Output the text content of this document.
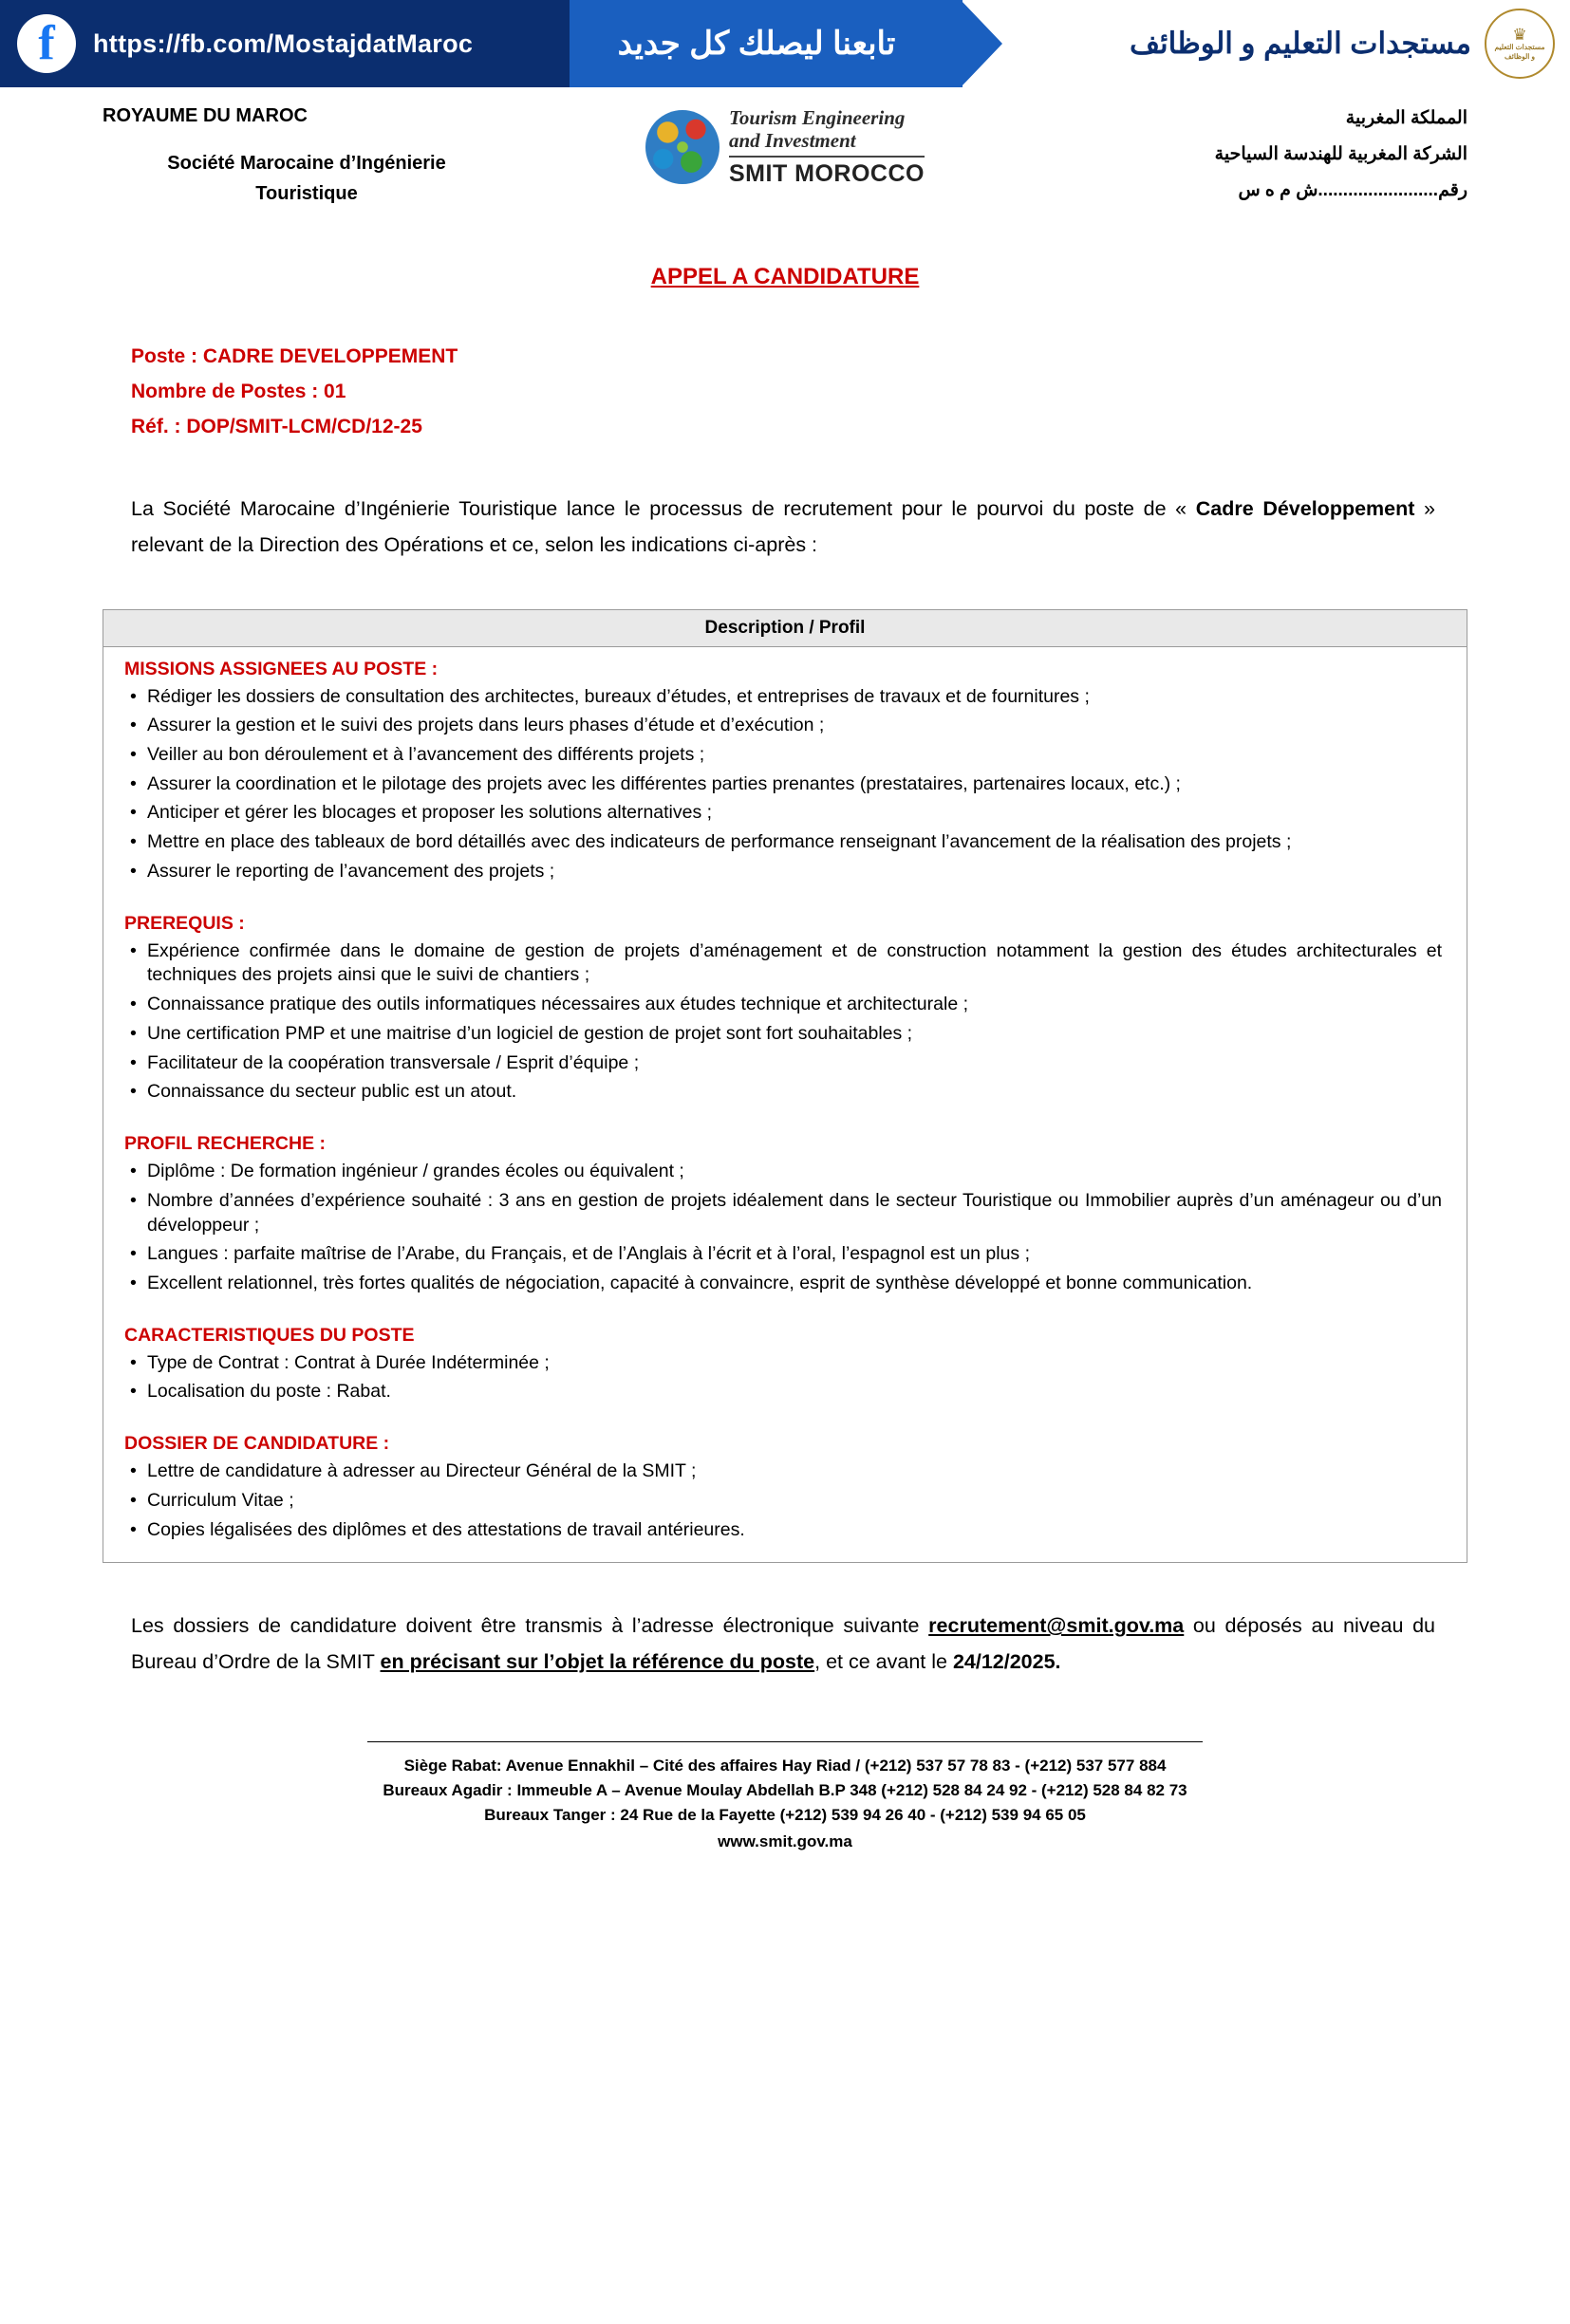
f	https://fb.com/MostajdatMaroc	تابعنا ليصلك كل جديد	مستجدات التعليم و الوظائف	♛
مستجدات التعليم
و الوظائف
ROYAUME DU MAROC
Société Marocaine d’Ingénierie
Touristique
Tourism Engineering
and Investment
SMIT MOROCCO
المملكة المغربية
الشركة المغربية للهندسة السياحية
رقم........................ش م ه س
APPEL A CANDIDATURE
Poste : CADRE DEVELOPPEMENT
Nombre de Postes : 01
Réf. : DOP/SMIT-LCM/CD/12-25
La Société Marocaine d’Ingénierie Touristique lance le processus de recrutement pour le pourvoi du poste de « Cadre Développement » relevant de la Direction des Opérations et ce, selon les indications ci-après :
Description / Profil
MISSIONS ASSIGNEES AU POSTE :
• Rédiger les dossiers de consultation des architectes, bureaux d’études, et entreprises de travaux et de fournitures ;
• Assurer la gestion et le suivi des projets dans leurs phases d’étude et d’exécution ;
• Veiller au bon déroulement et à l’avancement des différents projets ;
• Assurer la coordination et le pilotage des projets avec les différentes parties prenantes (prestataires, partenaires locaux, etc.) ;
• Anticiper et gérer les blocages et proposer les solutions alternatives ;
• Mettre en place des tableaux de bord détaillés avec des indicateurs de performance renseignant l’avancement de la réalisation des projets ;
• Assurer le reporting de l’avancement des projets ;
PREREQUIS :
• Expérience confirmée dans le domaine de gestion de projets d’aménagement et de construction notamment la gestion des études architecturales et techniques des projets ainsi que le suivi de chantiers ;
• Connaissance pratique des outils informatiques nécessaires aux études technique et architecturale ;
• Une certification PMP et une maitrise d’un logiciel de gestion de projet sont fort souhaitables ;
• Facilitateur de la coopération transversale / Esprit d’équipe ;
• Connaissance du secteur public est un atout.
PROFIL RECHERCHE :
• Diplôme : De formation ingénieur / grandes écoles ou équivalent ;
• Nombre d’années d’expérience souhaité : 3 ans en gestion de projets idéalement dans le secteur Touristique ou Immobilier auprès d’un aménageur ou d’un développeur ;
• Langues : parfaite maîtrise de l’Arabe, du Français, et de l’Anglais à l’écrit et à l’oral, l’espagnol est un plus ;
• Excellent relationnel, très fortes qualités de négociation, capacité à convaincre, esprit de synthèse développé et bonne communication.
CARACTERISTIQUES DU POSTE
• Type de Contrat : Contrat à Durée Indéterminée ;
• Localisation du poste : Rabat.
DOSSIER DE CANDIDATURE :
• Lettre de candidature à adresser au Directeur Général de la SMIT ;
• Curriculum Vitae ;
• Copies légalisées des diplômes et des attestations de travail antérieures.
Les dossiers de candidature doivent être transmis à l’adresse électronique suivante recrutement@smit.gov.ma ou déposés au niveau du Bureau d’Ordre de la SMIT en précisant sur l’objet la référence du poste, et ce avant le 24/12/2025.
Siège Rabat: Avenue Ennakhil – Cité des affaires Hay Riad / (+212) 537 57 78 83 - (+212) 537 577 884
Bureaux Agadir : Immeuble A – Avenue Moulay Abdellah B.P 348 (+212) 528 84 24 92 - (+212) 528 84 82 73
Bureaux Tanger : 24 Rue de la Fayette (+212) 539 94 26 40 - (+212) 539 94 65 05
www.smit.gov.ma
